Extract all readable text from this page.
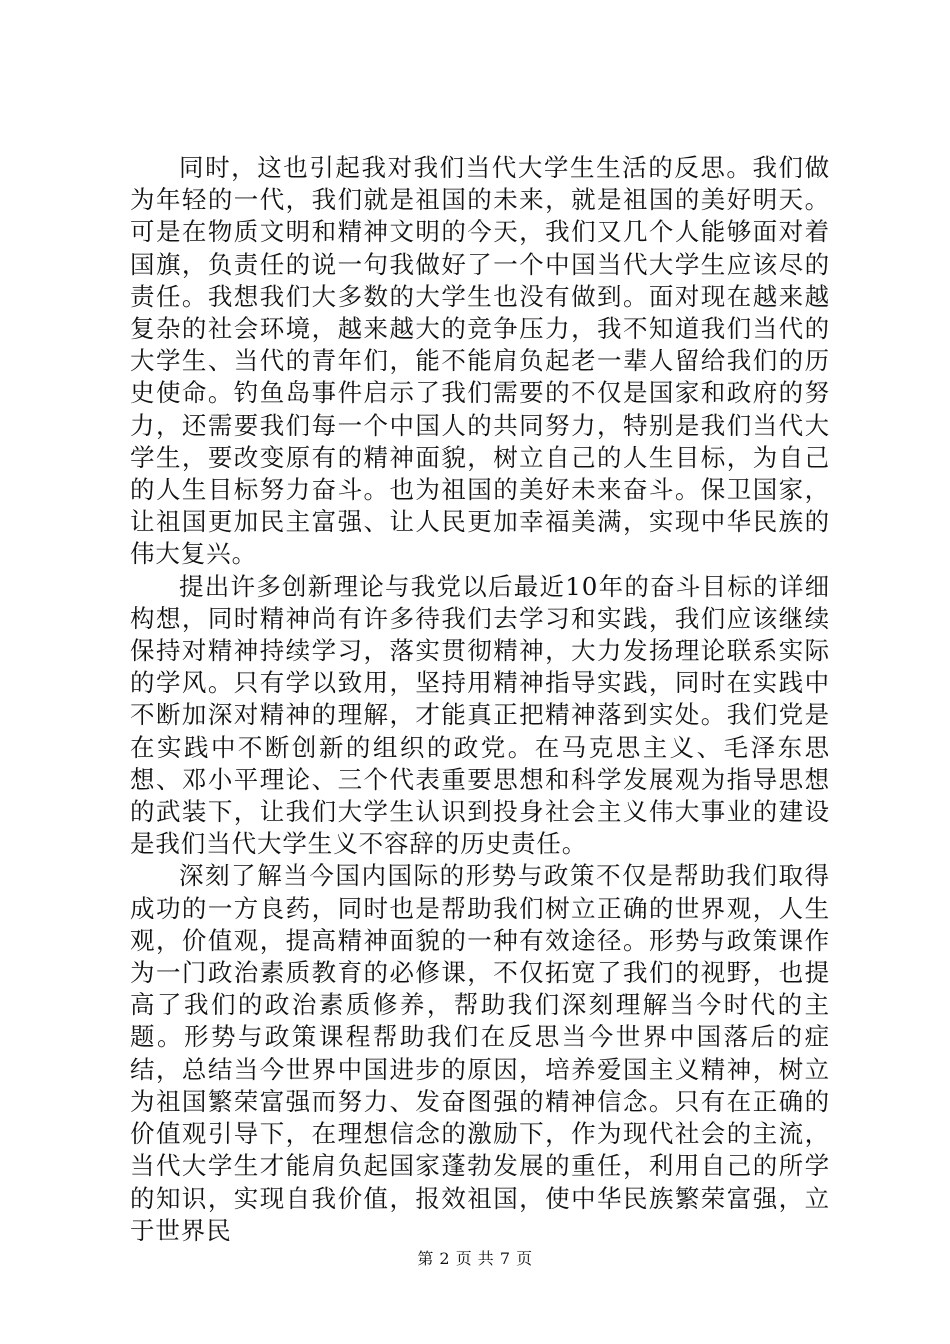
同时，这也引起我对我们当代大学生生活的反思。我们做为年轻的一代，我们就是祖国的未来，就是祖国的美好明天。可是在物质文明和精神文明的今天，我们又几个人能够面对着国旗，负责任的说一句我做好了一个中国当代大学生应该尽的责任。我想我们大多数的大学生也没有做到。面对现在越来越复杂的社会环境，越来越大的竞争压力，我不知道我们当代的大学生、当代的青年们，能不能肩负起老一辈人留给我们的历史使命。钓鱼岛事件启示了我们需要的不仅是国家和政府的努力，还需要我们每一个中国人的共同努力，特别是我们当代大学生，要改变原有的精神面貌，树立自己的人生目标，为自己的人生目标努力奋斗。也为祖国的美好未来奋斗。保卫国家，让祖国更加民主富强、让人民更加幸福美满，实现中华民族的伟大复兴。

提出许多创新理论与我党以后最近10年的奋斗目标的详细构想，同时精神尚有许多待我们去学习和实践，我们应该继续保持对精神持续学习，落实贯彻精神，大力发扬理论联系实际的学风。只有学以致用，坚持用精神指导实践，同时在实践中不断加深对精神的理解，才能真正把精神落到实处。我们党是在实践中不断创新的组织的政党。在马克思主义、毛泽东思想、邓小平理论、三个代表重要思想和科学发展观为指导思想的武装下，让我们大学生认识到投身社会主义伟大事业的建设是我们当代大学生义不容辞的历史责任。

深刻了解当今国内国际的形势与政策不仅是帮助我们取得成功的一方良药，同时也是帮助我们树立正确的世界观，人生观，价值观，提高精神面貌的一种有效途径。形势与政策课作为一门政治素质教育的必修课，不仅拓宽了我们的视野，也提高了我们的政治素质修养，帮助我们深刻理解当今时代的主题。形势与政策课程帮助我们在反思当今世界中国落后的症结，总结当今世界中国进步的原因，培养爱国主义精神，树立为祖国繁荣富强而努力、发奋图强的精神信念。只有在正确的价值观引导下，在理想信念的激励下，作为现代社会的主流，当代大学生才能肩负起国家蓬勃发展的重任，利用自己的所学的知识，实现自我价值，报效祖国，使中华民族繁荣富强，立于世界民

第 2 页 共 7 页
